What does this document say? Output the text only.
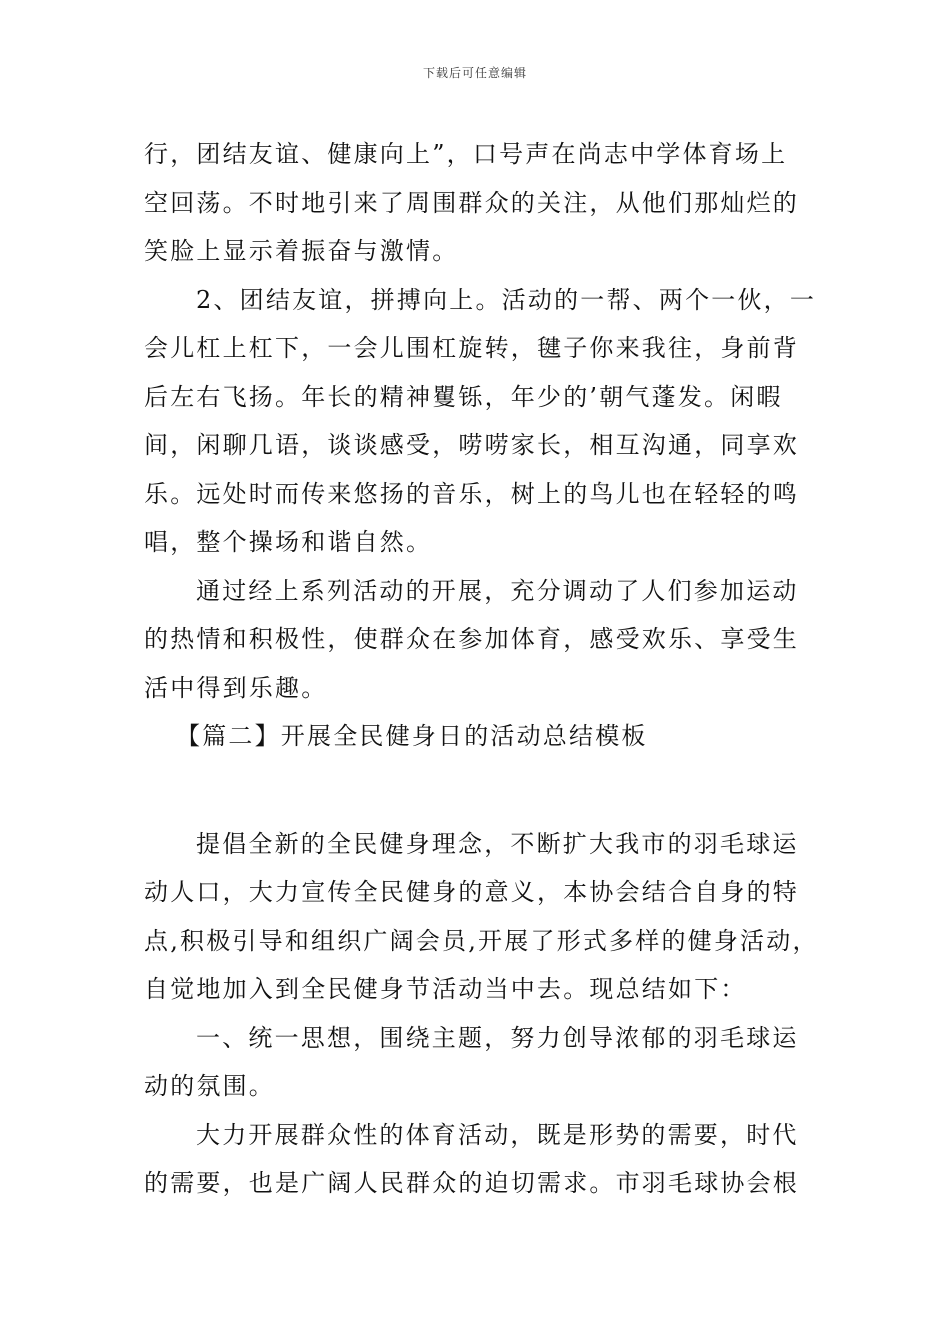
下载后可任意编辑
行，团结友谊、健康向上”，口号声在尚志中学体育场上
空回荡。不时地引来了周围群众的关注，从他们那灿烂的
笑脸上显示着振奋与激情。
2、团结友谊，拼搏向上。活动的一帮、两个一伙，一
会儿杠上杠下，一会儿围杠旋转，毽子你来我往，身前背
后左右飞扬。年长的精神矍铄，年少的’朝气蓬发。闲暇
间，闲聊几语，谈谈感受，唠唠家长，相互沟通，同享欢
乐。远处时而传来悠扬的音乐，树上的鸟儿也在轻轻的鸣
唱，整个操场和谐自然。
通过经上系列活动的开展，充分调动了人们参加运动
的热情和积极性，使群众在参加体育，感受欢乐、享受生
活中得到乐趣。
【篇二】开展全民健身日的活动总结模板
提倡全新的全民健身理念，不断扩大我市的羽毛球运
动人口，大力宣传全民健身的意义，本协会结合自身的特
点,积极引导和组织广阔会员,开展了形式多样的健身活动，
自觉地加入到全民健身节活动当中去。现总结如下：
一、统一思想，围绕主题，努力创导浓郁的羽毛球运
动的氛围。
大力开展群众性的体育活动，既是形势的需要，时代
的需要，也是广阔人民群众的迫切需求。市羽毛球协会根
